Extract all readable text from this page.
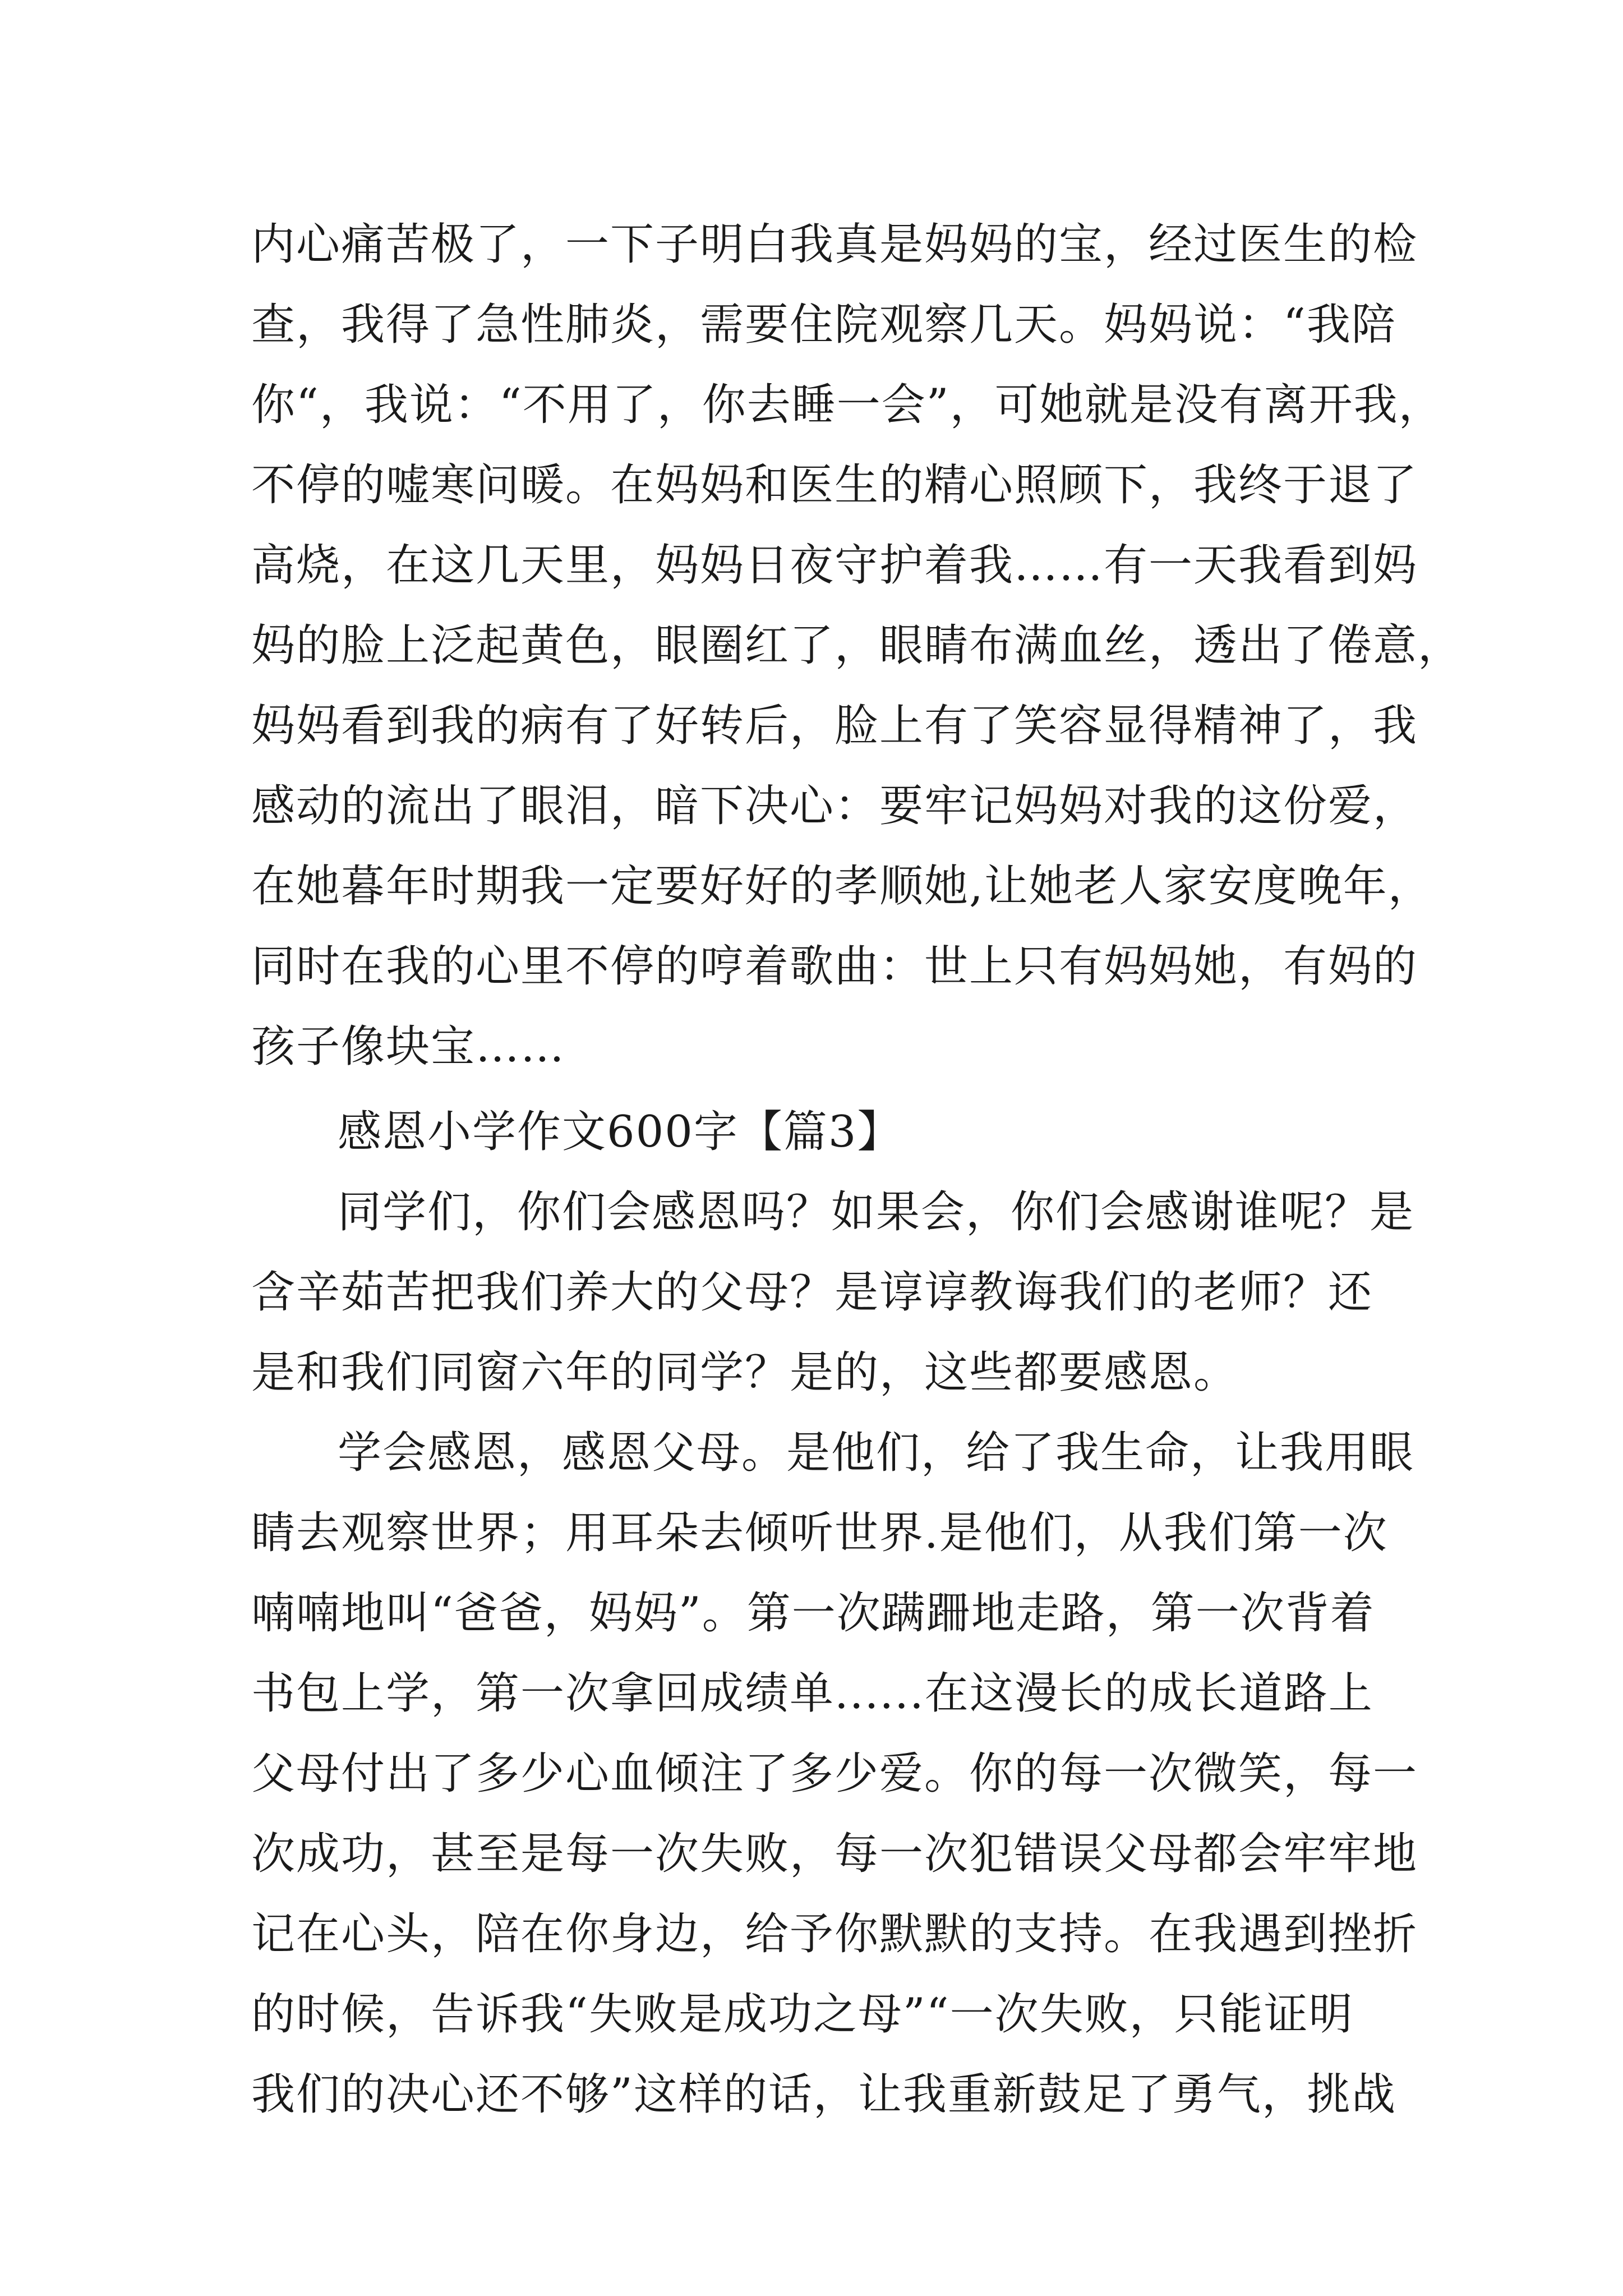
内心痛苦极了，一下子明白我真是妈妈的宝，经过医生的检
查，我得了急性肺炎，需要住院观察几天。妈妈说：“我陪
你“，我说：“不用了，你去睡一会”，可她就是没有离开我，
不停的嘘寒问暖。在妈妈和医生的精心照顾下，我终于退了
高烧，在这几天里，妈妈日夜守护着我……有一天我看到妈
妈的脸上泛起黄色，眼圈红了，眼睛布满血丝，透出了倦意，
妈妈看到我的病有了好转后，脸上有了笑容显得精神了，我
感动的流出了眼泪，暗下决心：要牢记妈妈对我的这份爱，
在她暮年时期我一定要好好的孝顺她,让她老人家安度晚年，
同时在我的心里不停的哼着歌曲：世上只有妈妈她，有妈的
孩子像块宝……
感恩小学作文600字【篇3】
同学们，你们会感恩吗？如果会，你们会感谢谁呢？是
含辛茹苦把我们养大的父母？是谆谆教诲我们的老师？还
是和我们同窗六年的同学？是的，这些都要感恩。
学会感恩，感恩父母。是他们，给了我生命，让我用眼
睛去观察世界；用耳朵去倾听世界.是他们，从我们第一次
喃喃地叫“爸爸，妈妈”。第一次蹒跚地走路，第一次背着
书包上学，第一次拿回成绩单......在这漫长的成长道路上
父母付出了多少心血倾注了多少爱。你的每一次微笑，每一
次成功，甚至是每一次失败，每一次犯错误父母都会牢牢地
记在心头，陪在你身边，给予你默默的支持。在我遇到挫折
的时候，告诉我“失败是成功之母”“一次失败，只能证明
我们的决心还不够”这样的话，让我重新鼓足了勇气，挑战
